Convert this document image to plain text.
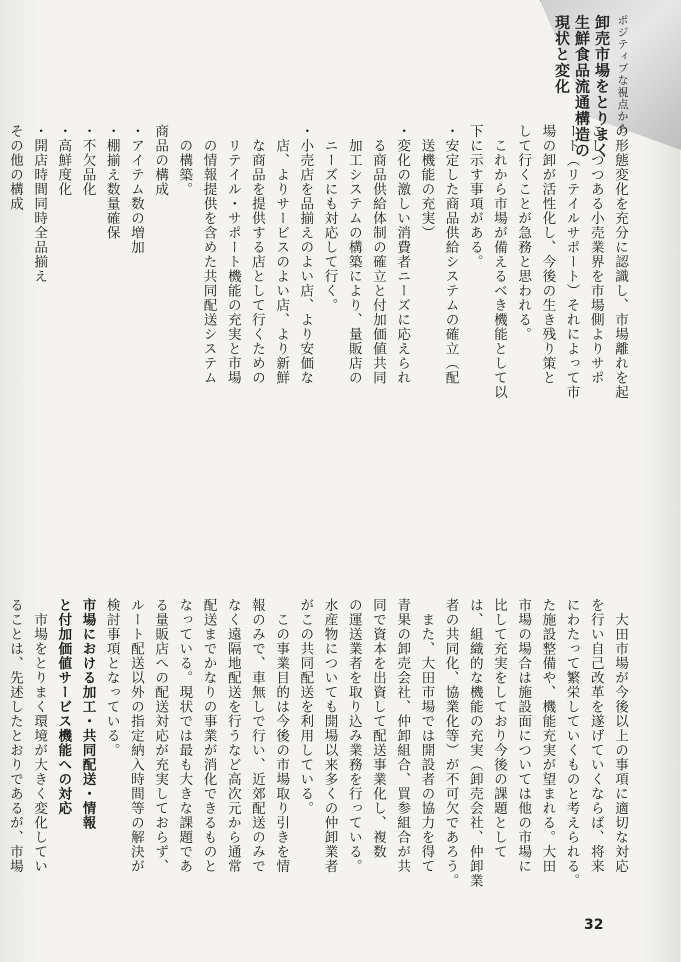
ポジティブな視点から
卸売市場をとりまく
生鮮食品流通構造の
現状と変化

の形態変化を充分に認識し、市場離れを起
こしつつある小売業界を市場側よりサポ
ート（リテイルサポート）それによって市
場の卸が活性化し、今後の生き残り策と
して行くことが急務と思われる。
　これから市場が備えるべき機能として以
下に示す事項がある。
・安定した商品供給システムの確立（配
　送機能の充実）
・変化の激しい消費者ニーズに応えられ
　る商品供給体制の確立と付加価値共同
　加工システムの構築により、量販店の
　ニーズにも対応して行く。
・小売店を品揃えのよい店、より安価な
　店、よりサービスのよい店、より新鮮
　な商品を提供する店として行くための
　リテイル・サポート機能の充実と市場
　の情報提供を含めた共同配送システム
　の構築。
商品の構成
・アイテム数の増加
・棚揃え数量確保
・不欠品化
・高鮮度化
・開店時間同時全品揃え
その他の構成
　大田市場が今後以上の事項に適切な対応
を行い自己改革を遂げていくならば、将来
にわたって繁栄していくものと考えられる。
た施設整備や、機能充実が望まれる。大田
市場の場合は施設面については他の市場に
比して充実をしており今後の課題として
は、組織的な機能の充実（卸売会社、仲卸業
者の共同化、協業化等）が不可欠であろう。
　また、大田市場では開設者の協力を得て
青果の卸売会社、仲卸組合、買参組合が共
同で資本を出資して配送事業化し、複数
の運送業者を取り込み業務を行っている。
水産物についても開場以来多くの仲卸業者
がこの共同配送を利用している。
　この事業目的は今後の市場取り引きを情
報のみで、車無しで行い、近郊配送のみで
なく遠隔地配送を行うなど高次元から通常
配送までかなりの事業が消化できるものと
なっている。現状では最も大きな課題であ
る量販店への配送対応が充実しておらず、
ルート配送以外の指定納入時間等の解決が
検討事項となっている。
市場における加工・共同配送・情報
と付加価値サービス機能への対応
　市場をとりまく環境が大きく変化してい
ることは、先述したとおりであるが、市場
32
